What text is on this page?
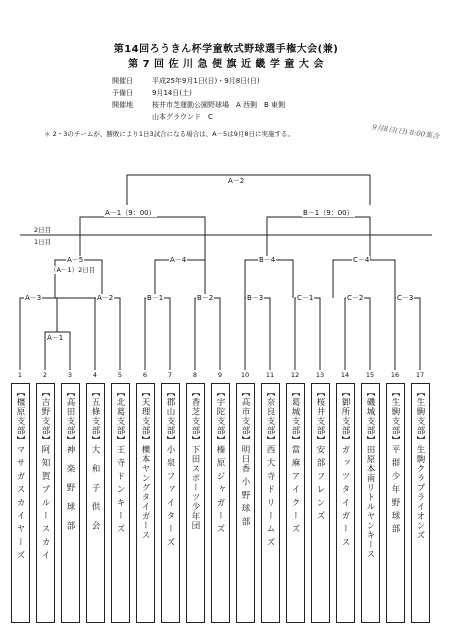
第14回ろうきん杯学童軟式野球選手権大会(兼)
第 7 回 佐 川 急 便 旗 近 畿 学 童 大 会
開催日	平成25年9月1日(日)・9月8日(日)
予備日	9月14日(土)
開催地	桜井市芝運動公園野球場　A 西側　B 東側
山本グラウンド　C
＊ 2・3のチームが、勝敗により1日3試合になる場合は、A－5は9月8日に実施する。	9月8日(日) 8:00集合
2日目
1日目
A－2
A－1（9：00）	B－1（9：00）
A－5
（A－1）2日目
A－4	B－4	C－4
A－3	A－2	B－1	B－2	B－3	C－1	C－2	C－3
A－1
1
【橿原支部】マ サ ガ ス カ イ ヤ ー ズ
2
【吉野支部】阿 知 賀 ブ ル ー ス カ イ
3
【高田支部】神　楽　野　球　部
4
【五條支部】大　和　子　供　会
5
【北葛支部】王 寺 ド ン キ ー ズ
6
【天理支部】櫟本ヤングタイガース
7
【郡山支部】小 泉 フ ァ イ タ ー ズ
8
【香芝支部】下田スポーツ少年団
9
【宇陀支部】榛 原 ジ ャ ガ ー ズ
10
【高市支部】明日香 小 野 球 部
11
【奈良支部】西 大 寺 ド リ ー ム ズ
12
【葛城支部】當 麻 ア イ ク ー ズ
13
【桜井支部】安 部 フ レ ン ズ
14
【御所支部】ガ ッ ツ タ イ ガ ー ス
15
【磯城支部】田原本南リトルヤンキース
16
【生駒支部】平 群 少 年 野 球 部
17
【生駒支部】生駒クラブライオンズ
